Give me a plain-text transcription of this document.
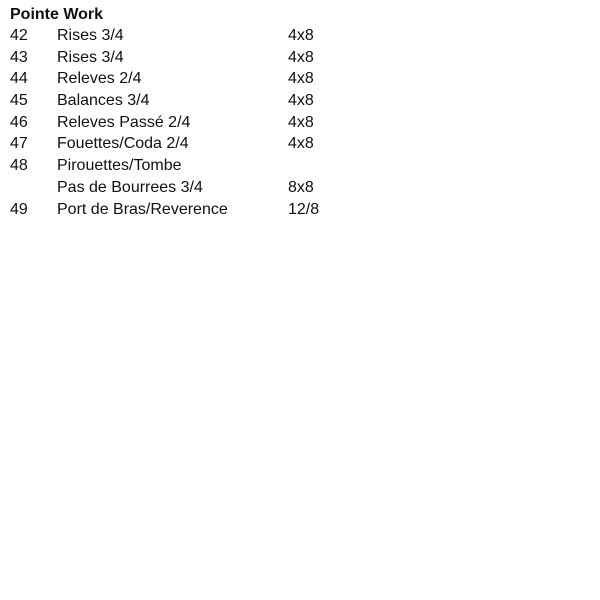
Pointe Work
42 Rises 3/4	4x8
43 Rises 3/4	4x8
44 Releves 2/4	4x8
45 Balances 3/4	4x8
46 Releves Passé 2/4	4x8
47 Fouettes/Coda 2/4	4x8
48 Pirouettes/Tombe
Pas de Bourrees 3/4	8x8
49 Port de Bras/Reverence	12/8
